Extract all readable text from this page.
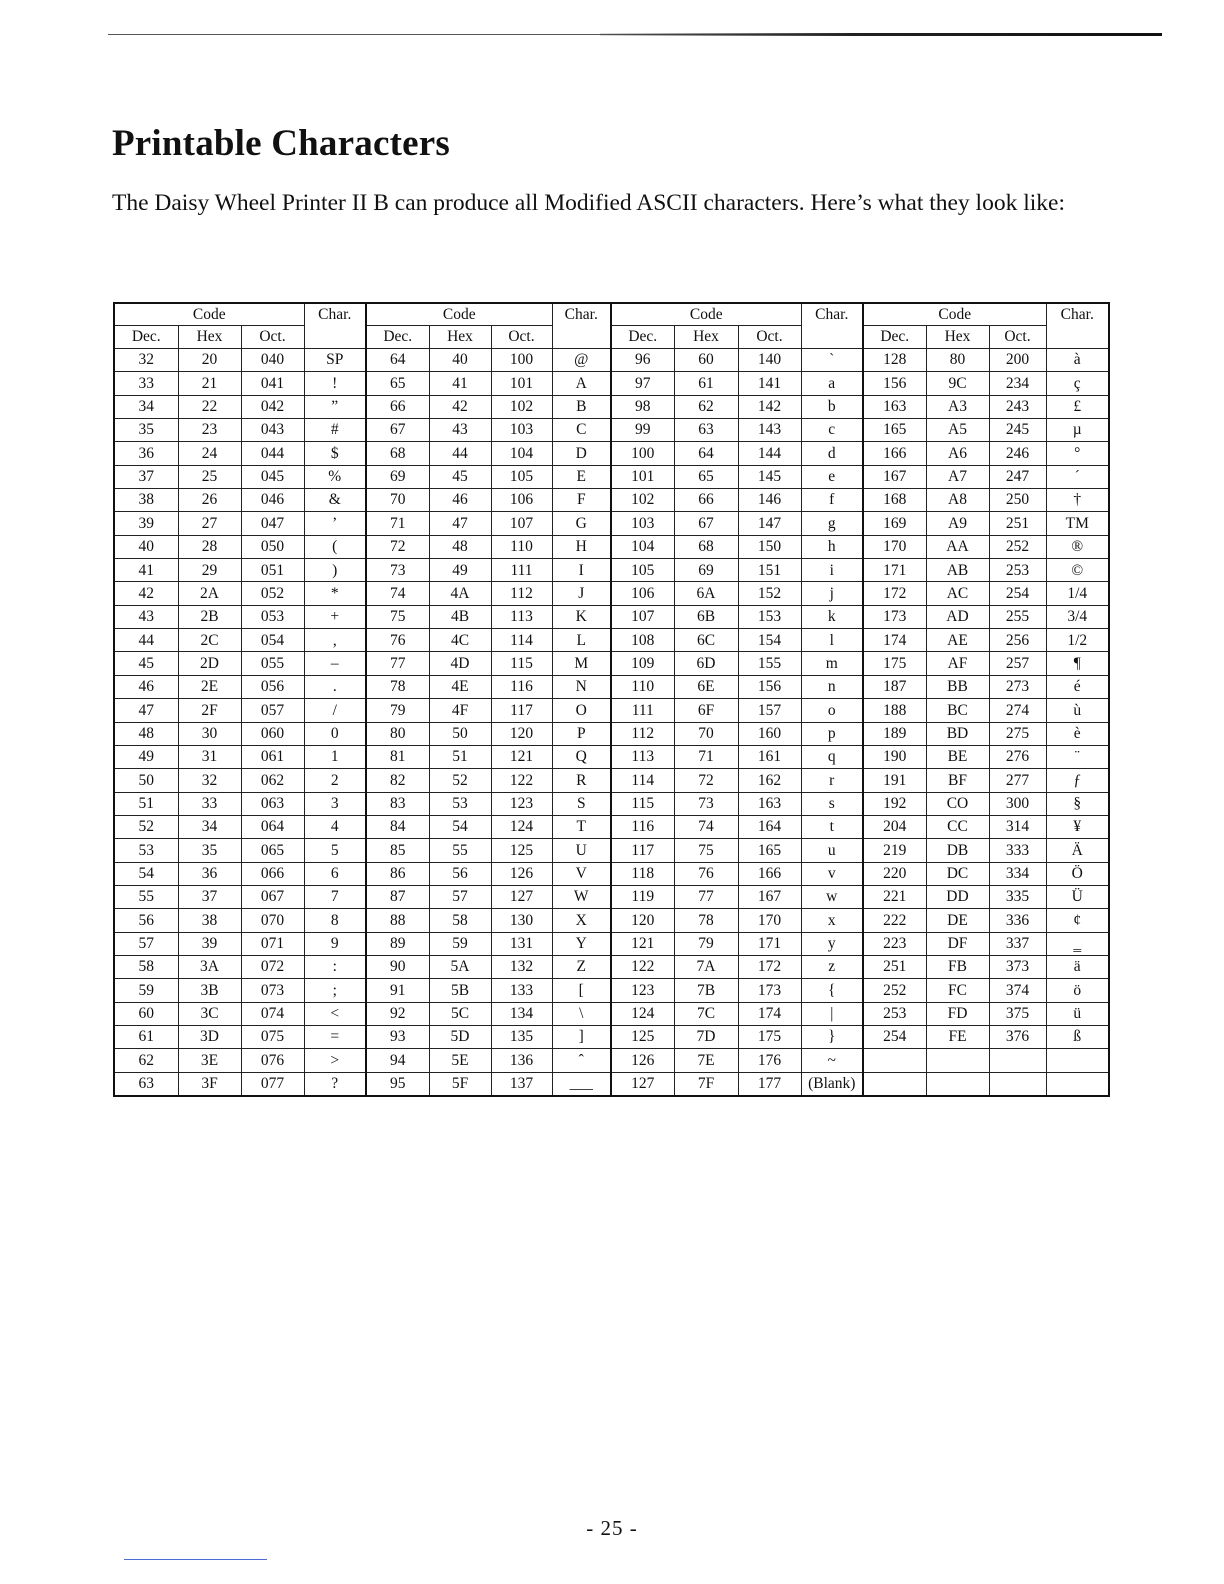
Printable Characters

The Daisy Wheel Printer II B can produce all Modified ASCII characters. Here’s what they look like:

Code			Char.	Code			Char.	Code			Char.	Code			Char.
Dec.	Hex	Oct.		Dec.	Hex	Oct.		Dec.	Hex	Oct.		Dec.	Hex	Oct.	
32	20	040	SP	64	40	100	@	96	60	140	`	128	80	200	à
33	21	041	!	65	41	101	A	97	61	141	a	156	9C	234	ç
34	22	042	”	66	42	102	B	98	62	142	b	163	A3	243	£
35	23	043	#	67	43	103	C	99	63	143	c	165	A5	245	µ
36	24	044	$	68	44	104	D	100	64	144	d	166	A6	246	°
37	25	045	%	69	45	105	E	101	65	145	e	167	A7	247	´
38	26	046	&	70	46	106	F	102	66	146	f	168	A8	250	†
39	27	047	’	71	47	107	G	103	67	147	g	169	A9	251	TM
40	28	050	(	72	48	110	H	104	68	150	h	170	AA	252	®
41	29	051	)	73	49	111	I	105	69	151	i	171	AB	253	©
42	2A	052	*	74	4A	112	J	106	6A	152	j	172	AC	254	1/4
43	2B	053	+	75	4B	113	K	107	6B	153	k	173	AD	255	3/4
44	2C	054	,	76	4C	114	L	108	6C	154	l	174	AE	256	1/2
45	2D	055	–	77	4D	115	M	109	6D	155	m	175	AF	257	¶
46	2E	056	.	78	4E	116	N	110	6E	156	n	187	BB	273	é
47	2F	057	/	79	4F	117	O	111	6F	157	o	188	BC	274	ù
48	30	060	0	80	50	120	P	112	70	160	p	189	BD	275	è
49	31	061	1	81	51	121	Q	113	71	161	q	190	BE	276	¨
50	32	062	2	82	52	122	R	114	72	162	r	191	BF	277	ƒ
51	33	063	3	83	53	123	S	115	73	163	s	192	CO	300	§
52	34	064	4	84	54	124	T	116	74	164	t	204	CC	314	¥
53	35	065	5	85	55	125	U	117	75	165	u	219	DB	333	Ä
54	36	066	6	86	56	126	V	118	76	166	v	220	DC	334	Ö
55	37	067	7	87	57	127	W	119	77	167	w	221	DD	335	Ü
56	38	070	8	88	58	130	X	120	78	170	x	222	DE	336	¢
57	39	071	9	89	59	131	Y	121	79	171	y	223	DF	337	‗
58	3A	072	:	90	5A	132	Z	122	7A	172	z	251	FB	373	ä
59	3B	073	;	91	5B	133	[	123	7B	173	{	252	FC	374	ö
60	3C	074	<	92	5C	134	\	124	7C	174	|	253	FD	375	ü
61	3D	075	=	93	5D	135	]	125	7D	175	}	254	FE	376	ß
62	3E	076	>	94	5E	136	ˆ	126	7E	176	~				
63	3F	077	?	95	5F	137	___	127	7F	177	(Blank)				
- 25 -
